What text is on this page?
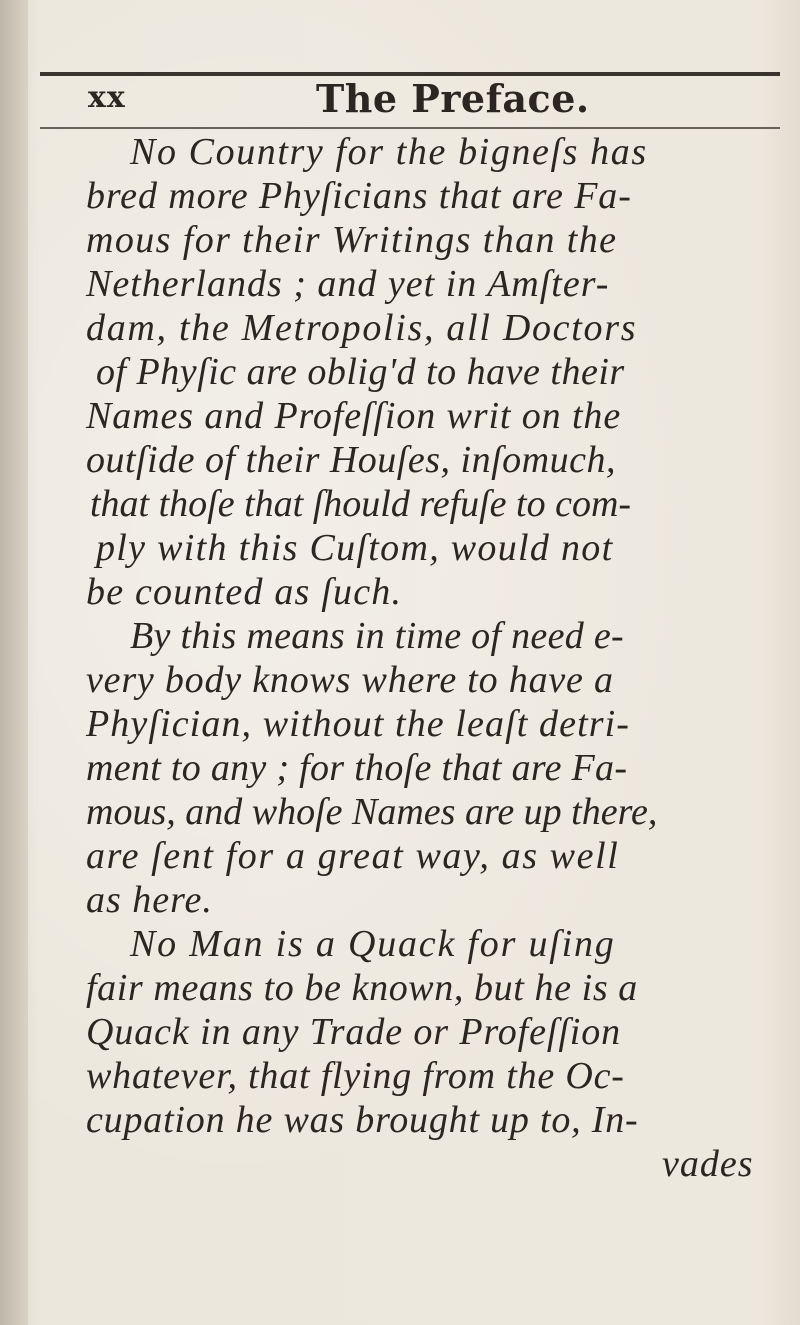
xx	The Preface.
No Country for the bigneſs has
bred more Phyſicians that are Fa-
mous for their Writings than the
Netherlands ; and yet in Amſter-
dam, the Metropolis, all Doctors
of Phyſic are oblig'd to have their
Names and Profeſſion writ on the
outſide of their Houſes, inſomuch,
that thoſe that ſhould refuſe to com-
ply with this Cuſtom, would not
be counted as ſuch.
By this means in time of need e-
very body knows where to have a
Phyſician, without the leaſt detri-
ment to any ; for thoſe that are Fa-
mous, and whoſe Names are up there,
are ſent for a great way, as well
as here.
No Man is a Quack for uſing
fair means to be known, but he is a
Quack in any Trade or Profeſſion
whatever, that flying from the Oc-
cupation he was brought up to, In-
vades
